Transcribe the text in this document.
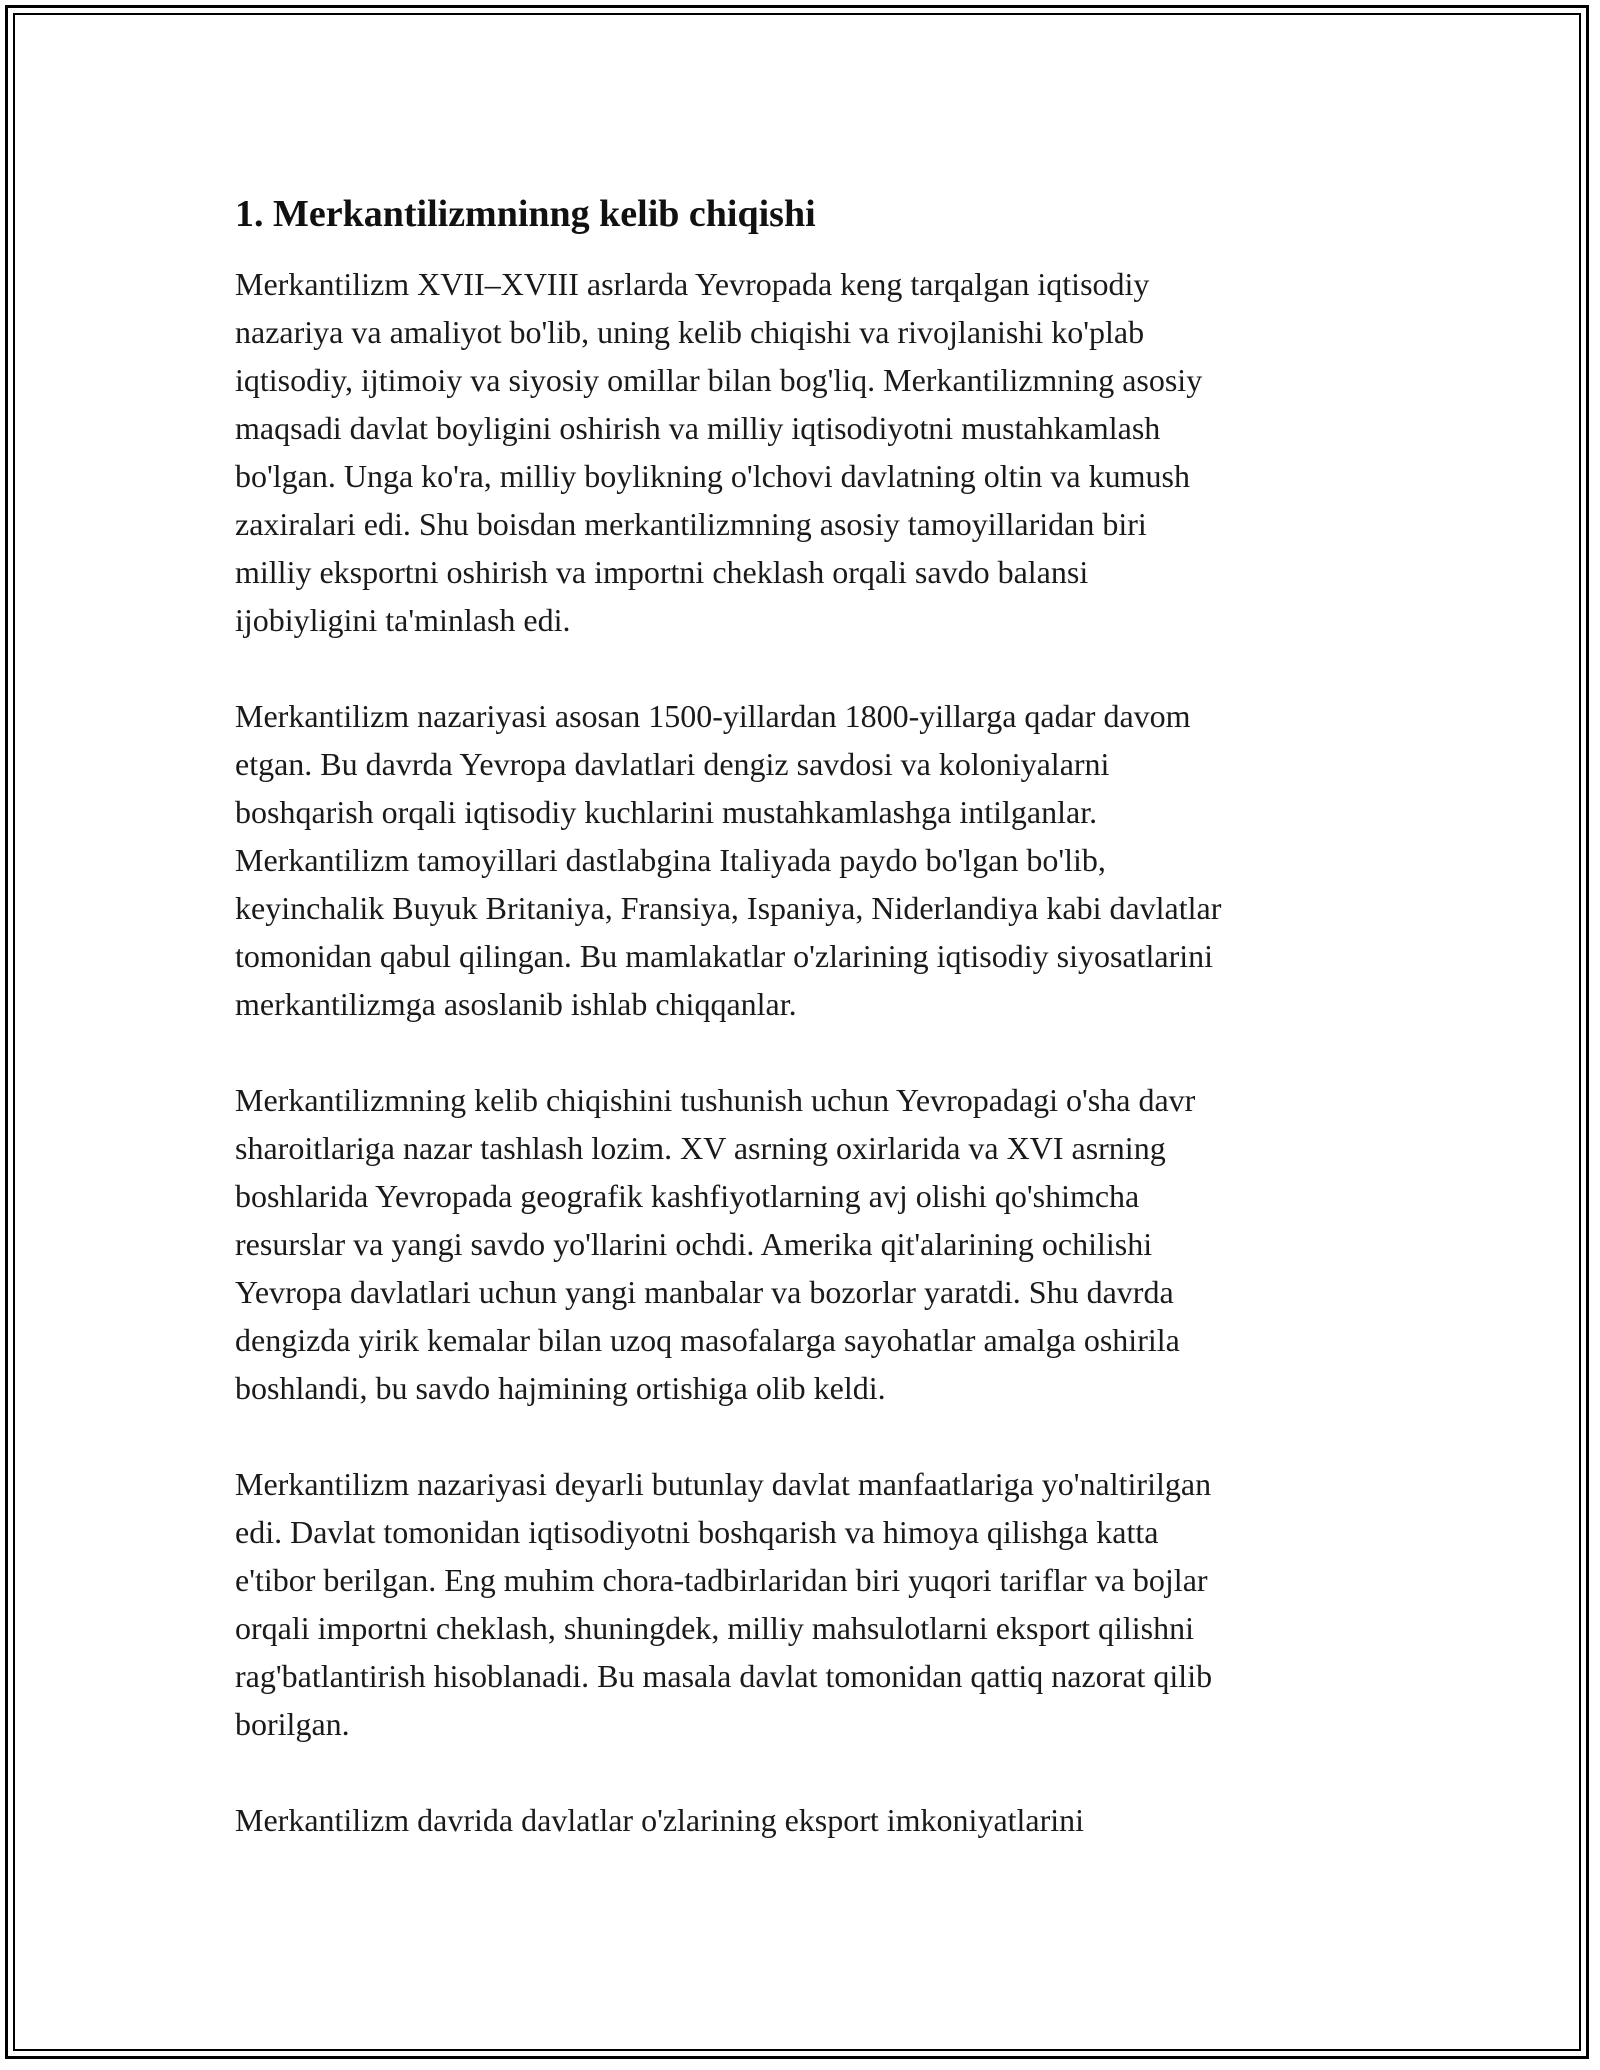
1. Merkantilizmninng kelib chiqishi

Merkantilizm XVII–XVIII asrlarda Yevropada keng tarqalgan iqtisodiy
nazariya va amaliyot bo'lib, uning kelib chiqishi va rivojlanishi ko'plab
iqtisodiy, ijtimoiy va siyosiy omillar bilan bog'liq. Merkantilizmning asosiy
maqsadi davlat boyligini oshirish va milliy iqtisodiyotni mustahkamlash
bo'lgan. Unga ko'ra, milliy boylikning o'lchovi davlatning oltin va kumush
zaxiralari edi. Shu boisdan merkantilizmning asosiy tamoyillaridan biri
milliy eksportni oshirish va importni cheklash orqali savdo balansi
ijobiyligini ta'minlash edi.

Merkantilizm nazariyasi asosan 1500-yillardan 1800-yillarga qadar davom
etgan. Bu davrda Yevropa davlatlari dengiz savdosi va koloniyalarni
boshqarish orqali iqtisodiy kuchlarini mustahkamlashga intilganlar.
Merkantilizm tamoyillari dastlabgina Italiyada paydo bo'lgan bo'lib,
keyinchalik Buyuk Britaniya, Fransiya, Ispaniya, Niderlandiya kabi davlatlar
tomonidan qabul qilingan. Bu mamlakatlar o'zlarining iqtisodiy siyosatlarini
merkantilizmga asoslanib ishlab chiqqanlar.

Merkantilizmning kelib chiqishini tushunish uchun Yevropadagi o'sha davr
sharoitlariga nazar tashlash lozim. XV asrning oxirlarida va XVI asrning
boshlarida Yevropada geografik kashfiyotlarning avj olishi qo'shimcha
resurslar va yangi savdo yo'llarini ochdi. Amerika qit'alarining ochilishi
Yevropa davlatlari uchun yangi manbalar va bozorlar yaratdi. Shu davrda
dengizda yirik kemalar bilan uzoq masofalarga sayohatlar amalga oshirila
boshlandi, bu savdo hajmining ortishiga olib keldi.

Merkantilizm nazariyasi deyarli butunlay davlat manfaatlariga yo'naltirilgan
edi. Davlat tomonidan iqtisodiyotni boshqarish va himoya qilishga katta
e'tibor berilgan. Eng muhim chora-tadbirlaridan biri yuqori tariflar va bojlar
orqali importni cheklash, shuningdek, milliy mahsulotlarni eksport qilishni
rag'batlantirish hisoblanadi. Bu masala davlat tomonidan qattiq nazorat qilib
borilgan.

Merkantilizm davrida davlatlar o'zlarining eksport imkoniyatlarini
